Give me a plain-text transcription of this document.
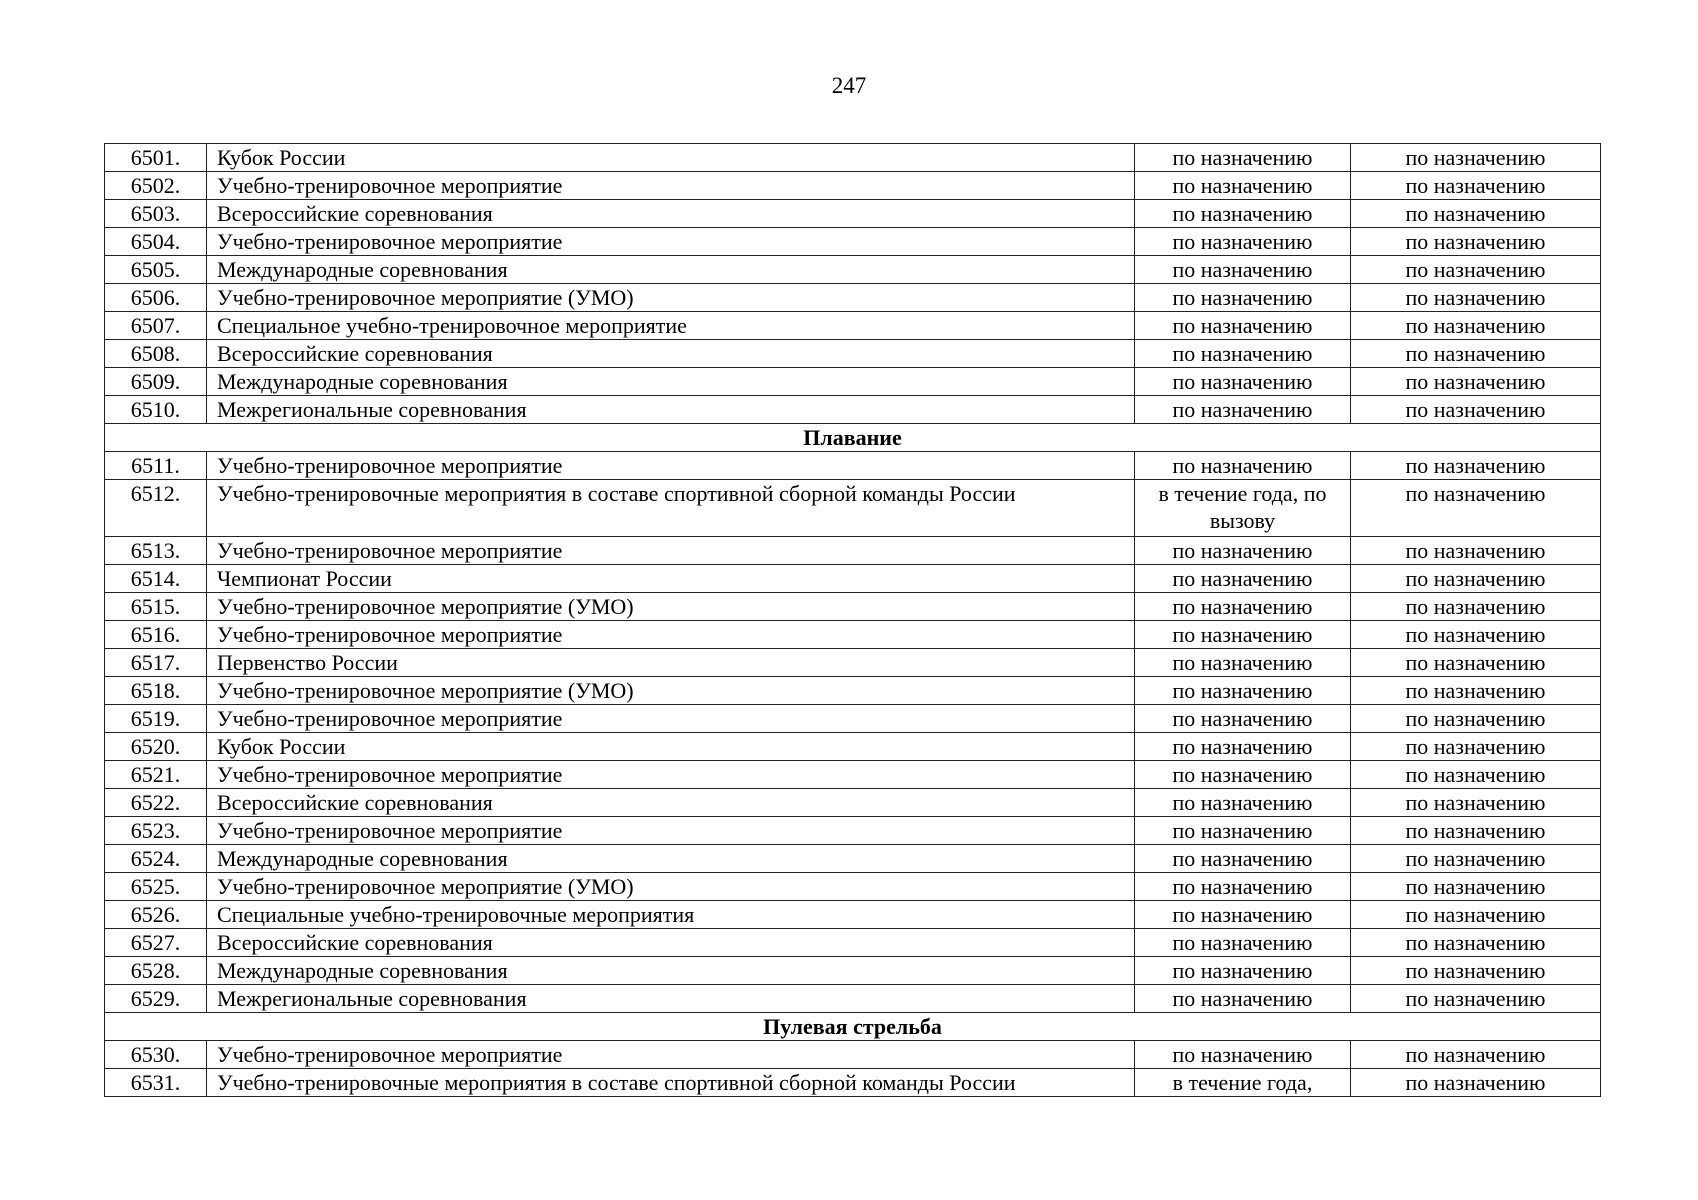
247
6501.	Кубок России	по назначению	по назначению
6502.	Учебно-тренировочное мероприятие	по назначению	по назначению
6503.	Всероссийские соревнования	по назначению	по назначению
6504.	Учебно-тренировочное мероприятие	по назначению	по назначению
6505.	Международные соревнования	по назначению	по назначению
6506.	Учебно-тренировочное мероприятие (УМО)	по назначению	по назначению
6507.	Специальное учебно-тренировочное мероприятие	по назначению	по назначению
6508.	Всероссийские соревнования	по назначению	по назначению
6509.	Международные соревнования	по назначению	по назначению
6510.	Межрегиональные соревнования	по назначению	по назначению
Плавание			
6511.	Учебно-тренировочное мероприятие	по назначению	по назначению
6512.	Учебно-тренировочные мероприятия в составе спортивной сборной команды России	в течение года, по вызову	по назначению
6513.	Учебно-тренировочное мероприятие	по назначению	по назначению
6514.	Чемпионат России	по назначению	по назначению
6515.	Учебно-тренировочное мероприятие (УМО)	по назначению	по назначению
6516.	Учебно-тренировочное мероприятие	по назначению	по назначению
6517.	Первенство России	по назначению	по назначению
6518.	Учебно-тренировочное мероприятие (УМО)	по назначению	по назначению
6519.	Учебно-тренировочное мероприятие	по назначению	по назначению
6520.	Кубок России	по назначению	по назначению
6521.	Учебно-тренировочное мероприятие	по назначению	по назначению
6522.	Всероссийские соревнования	по назначению	по назначению
6523.	Учебно-тренировочное мероприятие	по назначению	по назначению
6524.	Международные соревнования	по назначению	по назначению
6525.	Учебно-тренировочное мероприятие (УМО)	по назначению	по назначению
6526.	Специальные учебно-тренировочные мероприятия	по назначению	по назначению
6527.	Всероссийские соревнования	по назначению	по назначению
6528.	Международные соревнования	по назначению	по назначению
6529.	Межрегиональные соревнования	по назначению	по назначению
Пулевая стрельба			
6530.	Учебно-тренировочное мероприятие	по назначению	по назначению
6531.	Учебно-тренировочные мероприятия в составе спортивной сборной команды России	в течение года,	по назначению
